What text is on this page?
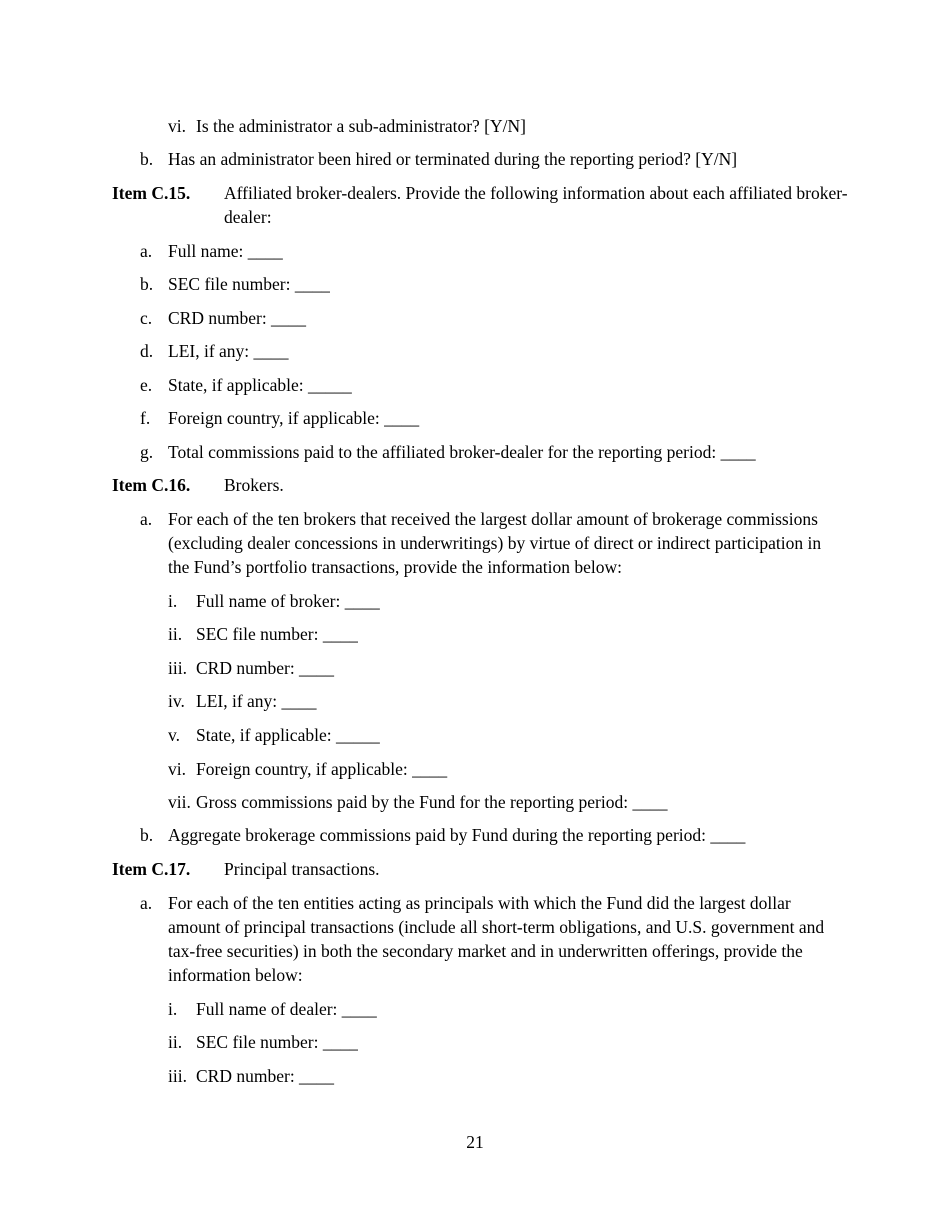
vi. Is the administrator a sub-administrator? [Y/N]
b. Has an administrator been hired or terminated during the reporting period? [Y/N]
Item C.15. Affiliated broker-dealers. Provide the following information about each affiliated broker-dealer:
a. Full name: ____
b. SEC file number: ____
c. CRD number: ____
d. LEI, if any: ____
e. State, if applicable: _____
f. Foreign country, if applicable: ____
g. Total commissions paid to the affiliated broker-dealer for the reporting period: ____
Item C.16. Brokers.
a. For each of the ten brokers that received the largest dollar amount of brokerage commissions (excluding dealer concessions in underwritings) by virtue of direct or indirect participation in the Fund’s portfolio transactions, provide the information below:
i. Full name of broker: ____
ii. SEC file number: ____
iii. CRD number: ____
iv. LEI, if any: ____
v. State, if applicable: _____
vi. Foreign country, if applicable: ____
vii. Gross commissions paid by the Fund for the reporting period: ____
b. Aggregate brokerage commissions paid by Fund during the reporting period: ____
Item C.17. Principal transactions.
a. For each of the ten entities acting as principals with which the Fund did the largest dollar amount of principal transactions (include all short-term obligations, and U.S. government and tax-free securities) in both the secondary market and in underwritten offerings, provide the information below:
i. Full name of dealer: ____
ii. SEC file number: ____
iii. CRD number: ____
21
